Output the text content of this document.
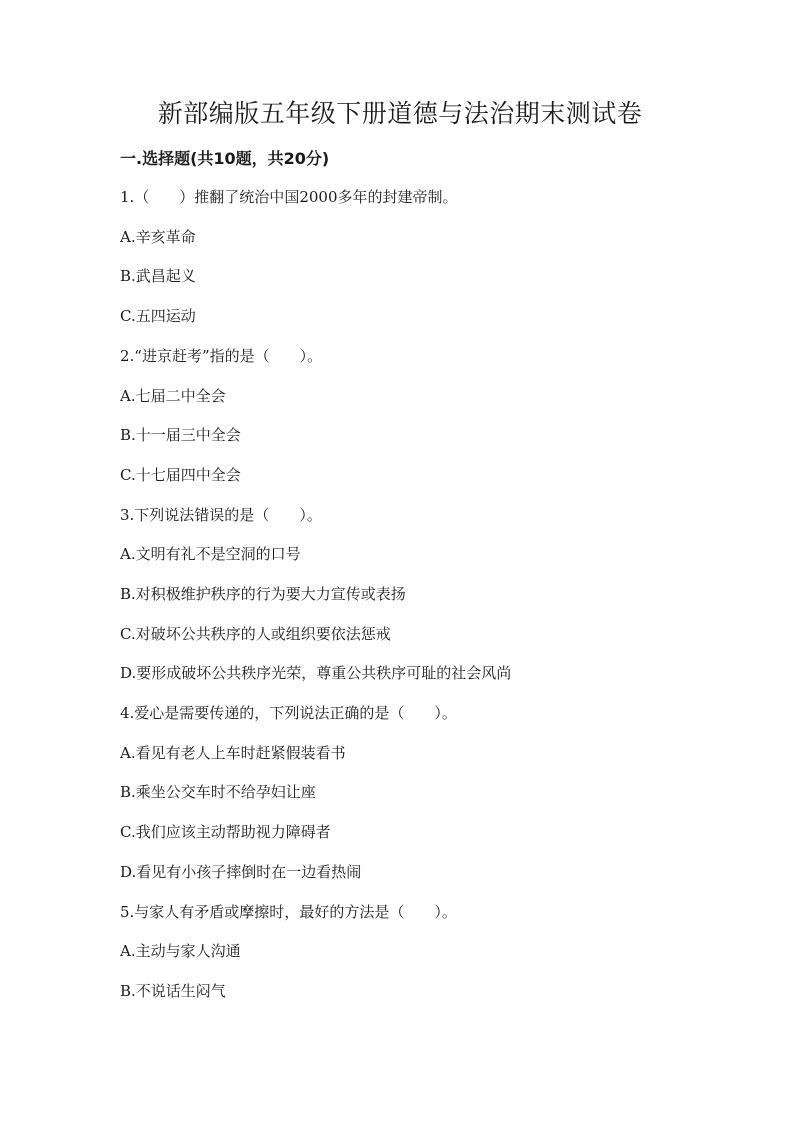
新部编版五年级下册道德与法治期末测试卷
一.选择题(共10题，共20分)
1.（　　）推翻了统治中国2000多年的封建帝制。
A.辛亥革命
B.武昌起义
C.五四运动
2.“进京赶考”指的是（　　）。
A.七届二中全会
B.十一届三中全会
C.十七届四中全会
3.下列说法错误的是（　　）。
A.文明有礼不是空洞的口号
B.对积极维护秩序的行为要大力宣传或表扬
C.对破坏公共秩序的人或组织要依法惩戒
D.要形成破坏公共秩序光荣，尊重公共秩序可耻的社会风尚
4.爱心是需要传递的，下列说法正确的是（　　）。
A.看见有老人上车时赶紧假装看书
B.乘坐公交车时不给孕妇让座
C.我们应该主动帮助视力障碍者
D.看见有小孩子摔倒时在一边看热闹
5.与家人有矛盾或摩擦时，最好的方法是（　　）。
A.主动与家人沟通
B.不说话生闷气
